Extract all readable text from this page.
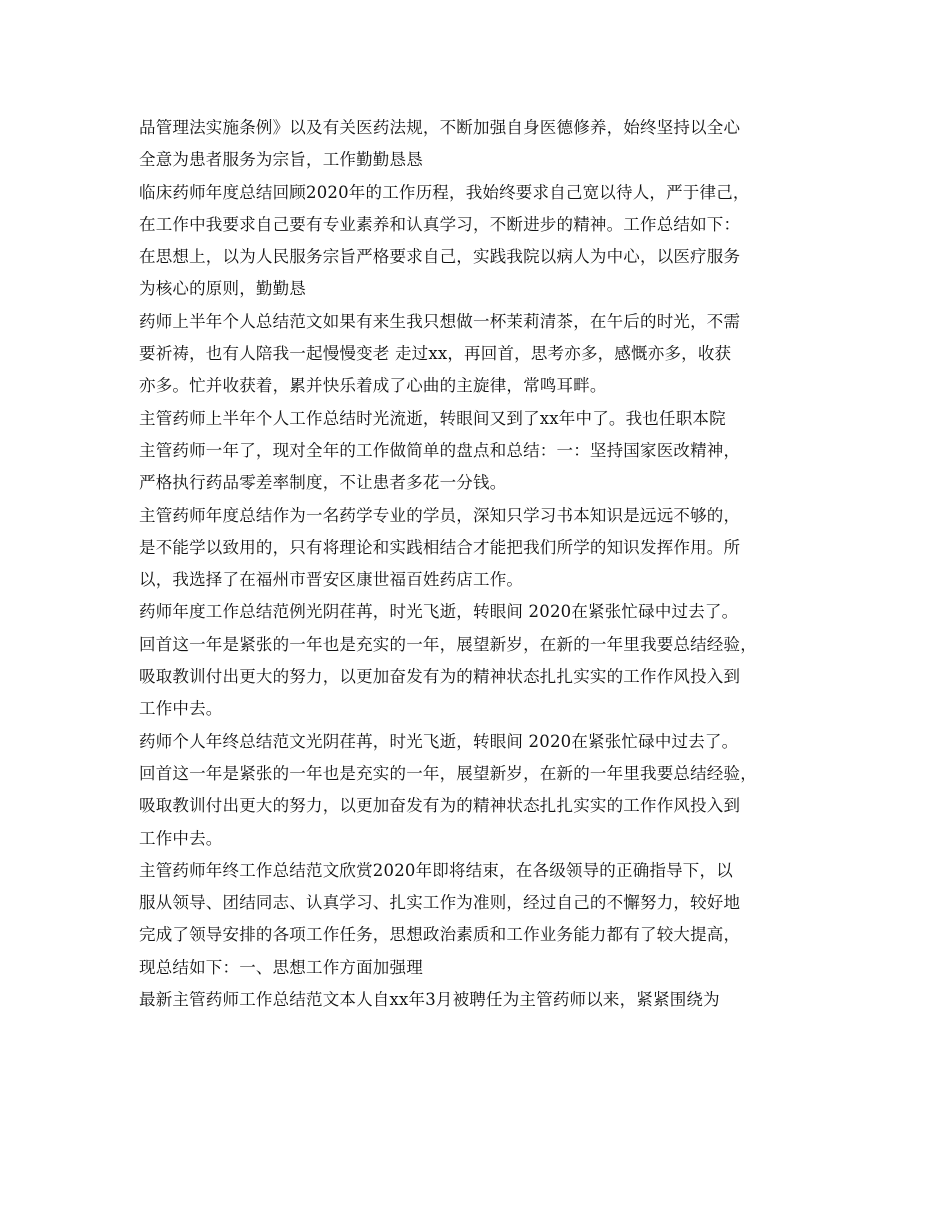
品管理法实施条例》以及有关医药法规，不断加强自身医德修养，始终坚持以全心
全意为患者服务为宗旨，工作勤勤恳恳
临床药师年度总结回顾2020年的工作历程，我始终要求自己宽以待人，严于律己，
在工作中我要求自己要有专业素养和认真学习，不断进步的精神。工作总结如下：
在思想上，以为人民服务宗旨严格要求自己，实践我院以病人为中心，以医疗服务
为核心的原则，勤勤恳
药师上半年个人总结范文如果有来生我只想做一杯茉莉清茶，在午后的时光，不需
要祈祷，也有人陪我一起慢慢变老 走过xx，再回首，思考亦多，感慨亦多，收获
亦多。忙并收获着，累并快乐着成了心曲的主旋律，常鸣耳畔。
主管药师上半年个人工作总结时光流逝，转眼间又到了xx年中了。我也任职本院
主管药师一年了，现对全年的工作做简单的盘点和总结：一：坚持国家医改精神，
严格执行药品零差率制度，不让患者多花一分钱。
主管药师年度总结作为一名药学专业的学员，深知只学习书本知识是远远不够的，
是不能学以致用的，只有将理论和实践相结合才能把我们所学的知识发挥作用。所
以，我选择了在福州市晋安区康世福百姓药店工作。
药师年度工作总结范例光阴荏苒，时光飞逝，转眼间 2020在紧张忙碌中过去了。
回首这一年是紧张的一年也是充实的一年，展望新岁，在新的一年里我要总结经验，
吸取教训付出更大的努力，以更加奋发有为的精神状态扎扎实实的工作作风投入到
工作中去。
药师个人年终总结范文光阴荏苒，时光飞逝，转眼间 2020在紧张忙碌中过去了。
回首这一年是紧张的一年也是充实的一年，展望新岁，在新的一年里我要总结经验，
吸取教训付出更大的努力，以更加奋发有为的精神状态扎扎实实的工作作风投入到
工作中去。
主管药师年终工作总结范文欣赏2020年即将结束，在各级领导的正确指导下，以
服从领导、团结同志、认真学习、扎实工作为准则，经过自己的不懈努力，较好地
完成了领导安排的各项工作任务，思想政治素质和工作业务能力都有了较大提高，
现总结如下：一、思想工作方面加强理
最新主管药师工作总结范文本人自xx年3月被聘任为主管药师以来，紧紧围绕为
